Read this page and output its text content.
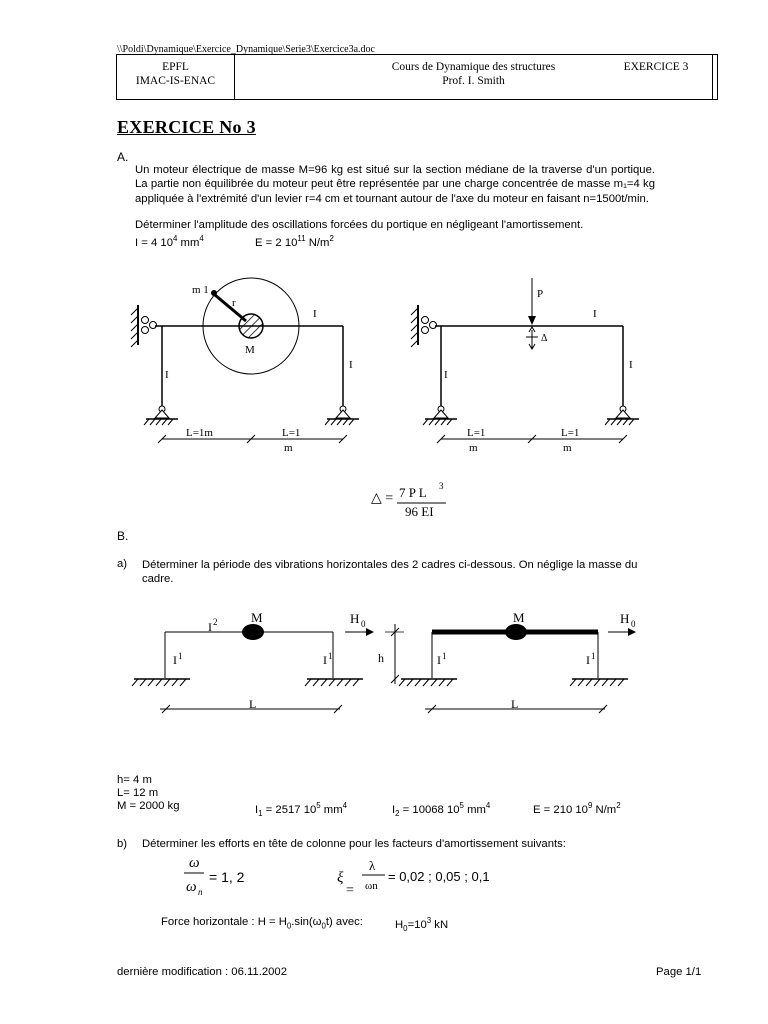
\\Poldi\Dynamique\Exercice_Dynamique\Serie3\Exercice3a.doc
EPFL
IMAC-IS-ENAC
Cours de Dynamique des structures
Prof. I. Smith
EXERCICE 3
EXERCICE No 3
A.
Un moteur électrique de masse M=96 kg est situé sur la section médiane de la traverse d'un portique. La partie non équilibrée du moteur peut être représentée par une charge concentrée de masse m₁=4 kg appliquée à l'extrémité d'un levier r=4 cm et tournant autour de l'axe du moteur en faisant n=1500t/min.
Déterminer l'amplitude des oscillations forcées du portique en négligeant l'amortissement.
I = 4 $10^4$ $mm^4$	E = 2 $10^{11}$ $N/m^2$
m 1
r
M
I
I
I
L=1m	L=1
m
P
Δ
I
I
I
L=1
m
L=1
m
△ = 7 P L 3
96 EI
B.
a) Déterminer la période des vibrations horizontales des 2 cadres ci-dessous. On néglige la masse du cadre.
M	H 0
I 2
I 1	I 1
L
M	H 0
h	I 1	I 1
L
h= 4 m
L= 12 m
M = 2000 kg	$I_1 = 2517$ $10^5$ $mm^4$	$I_2 = 10068$ $10^5$ $mm^4$	E = 210 $10^9$ $N/m^2$
b) Déterminer les efforts en tête de colonne pour les facteurs d'amortissement suivants:
ω
ω n
= 1, 2	ξ
=
λ
ωn
= 0,02 ; 0,05 ; 0,1
Force horizontale : $H = H_0.\sin(\omega_0t)$ avec:	$H_0=10^3$ kN
dernière modification : 06.11.2002	Page 1/1
